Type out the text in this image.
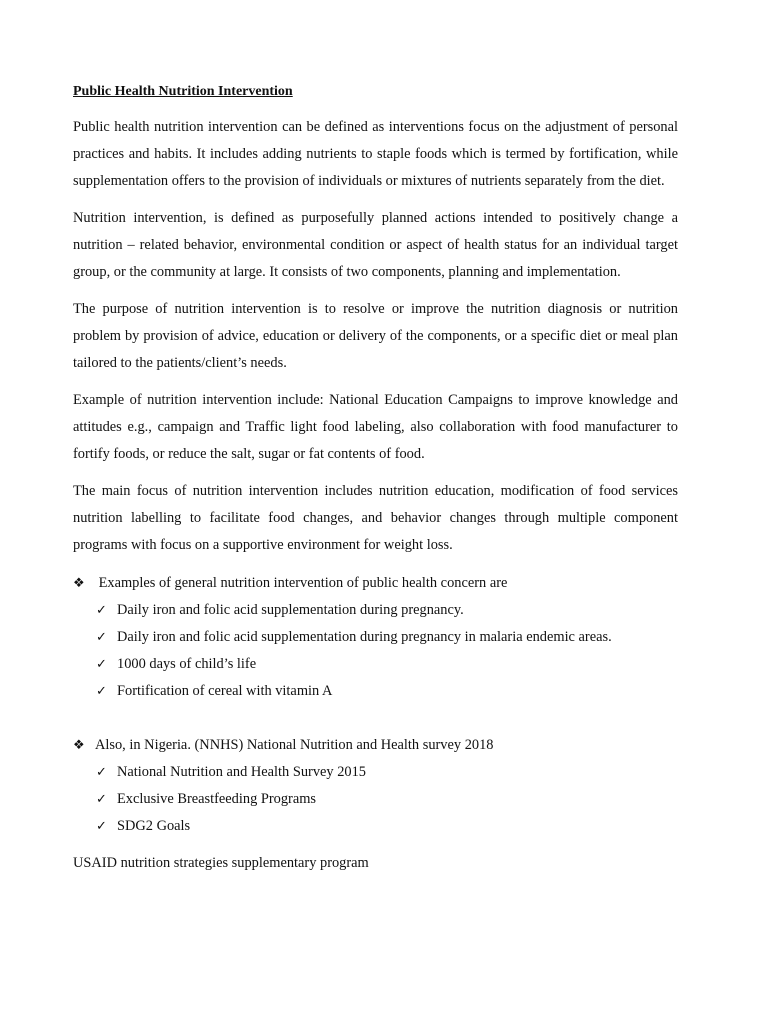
Public Health Nutrition Intervention

Public health nutrition intervention can be defined as interventions focus on the adjustment of personal practices and habits. It includes adding nutrients to staple foods which is termed by fortification, while supplementation offers to the provision of individuals or mixtures of nutrients separately from the diet.

Nutrition intervention, is defined as purposefully planned actions intended to positively change a nutrition – related behavior, environmental condition or aspect of health status for an individual target group, or the community at large. It consists of two components, planning and implementation.

The purpose of nutrition intervention is to resolve or improve the nutrition diagnosis or nutrition problem by provision of advice, education or delivery of the components, or a specific diet or meal plan tailored to the patients/client’s needs.

Example of nutrition intervention include: National Education Campaigns to improve knowledge and attitudes e.g., campaign and Traffic light food labeling, also collaboration with food manufacturer to fortify foods, or reduce the salt, sugar or fat contents of food.

The main focus of nutrition intervention includes nutrition education, modification of food services nutrition labelling to facilitate food changes, and behavior changes through multiple component programs with focus on a supportive environment for weight loss.

❖ Examples of general nutrition intervention of public health concern are
✓ Daily iron and folic acid supplementation during pregnancy.
✓ Daily iron and folic acid supplementation during pregnancy in malaria endemic areas.
✓ 1000 days of child’s life
✓ Fortification of cereal with vitamin A
❖ Also, in Nigeria. (NNHS) National Nutrition and Health survey 2018
✓ National Nutrition and Health Survey 2015
✓ Exclusive Breastfeeding Programs
✓ SDG2 Goals
USAID nutrition strategies supplementary program
